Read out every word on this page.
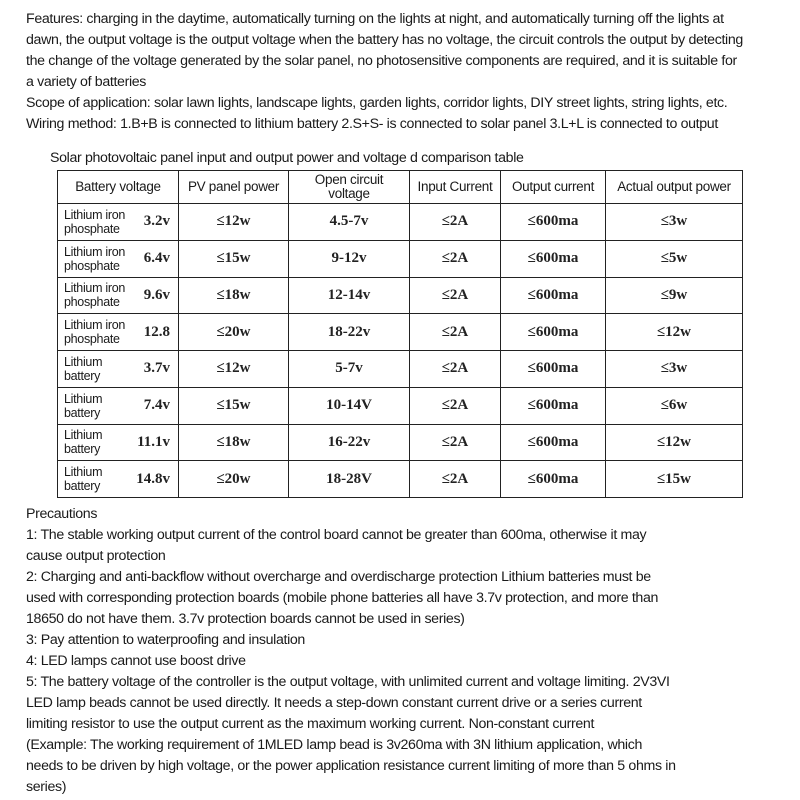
Features: charging in the daytime, automatically turning on the lights at night, and automatically turning off the lights at
dawn, the output voltage is the output voltage when the battery has no voltage, the circuit controls the output by detecting
the change of the voltage generated by the solar panel, no photosensitive components are required, and it is suitable for
a variety of batteries
Scope of application: solar lawn lights, landscape lights, garden lights, corridor lights, DIY street lights, string lights, etc.
Wiring method: 1.B+B is connected to lithium battery 2.S+S- is connected to solar panel 3.L+L is connected to output
Solar photovoltaic panel input and output power and voltage d comparison table
Battery voltage	PV panel power	Open circuit voltage	Input Current	Output current	Actual output power

Lithium iron phosphate 3.2v	≤12w	4.5-7v	≤2A	≤600ma	≤3w

Lithium iron phosphate 6.4v	≤15w	9-12v	≤2A	≤600ma	≤5w

Lithium iron phosphate 9.6v	≤18w	12-14v	≤2A	≤600ma	≤9w

Lithium iron phosphate 12.8	≤20w	18-22v	≤2A	≤600ma	≤12w

Lithium battery 3.7v	≤12w	5-7v	≤2A	≤600ma	≤3w

Lithium battery 7.4v	≤15w	10-14V	≤2A	≤600ma	≤6w

Lithium battery 11.1v	≤18w	16-22v	≤2A	≤600ma	≤12w

Lithium battery 14.8v	≤20w	18-28V	≤2A	≤600ma	≤15w
Precautions
1: The stable working output current of the control board cannot be greater than 600ma, otherwise it may
cause output protection
2: Charging and anti-backflow without overcharge and overdischarge protection Lithium batteries must be
used with corresponding protection boards (mobile phone batteries all have 3.7v protection, and more than
18650 do not have them. 3.7v protection boards cannot be used in series)
3: Pay attention to waterproofing and insulation
4: LED lamps cannot use boost drive
5: The battery voltage of the controller is the output voltage, with unlimited current and voltage limiting. 2V3VI
LED lamp beads cannot be used directly. It needs a step-down constant current drive or a series current
limiting resistor to use the output current as the maximum working current. Non-constant current
(Example: The working requirement of 1MLED lamp bead is 3v260ma with 3N lithium application, which
needs to be driven by high voltage, or the power application resistance current limiting of more than 5 ohms in
series)
